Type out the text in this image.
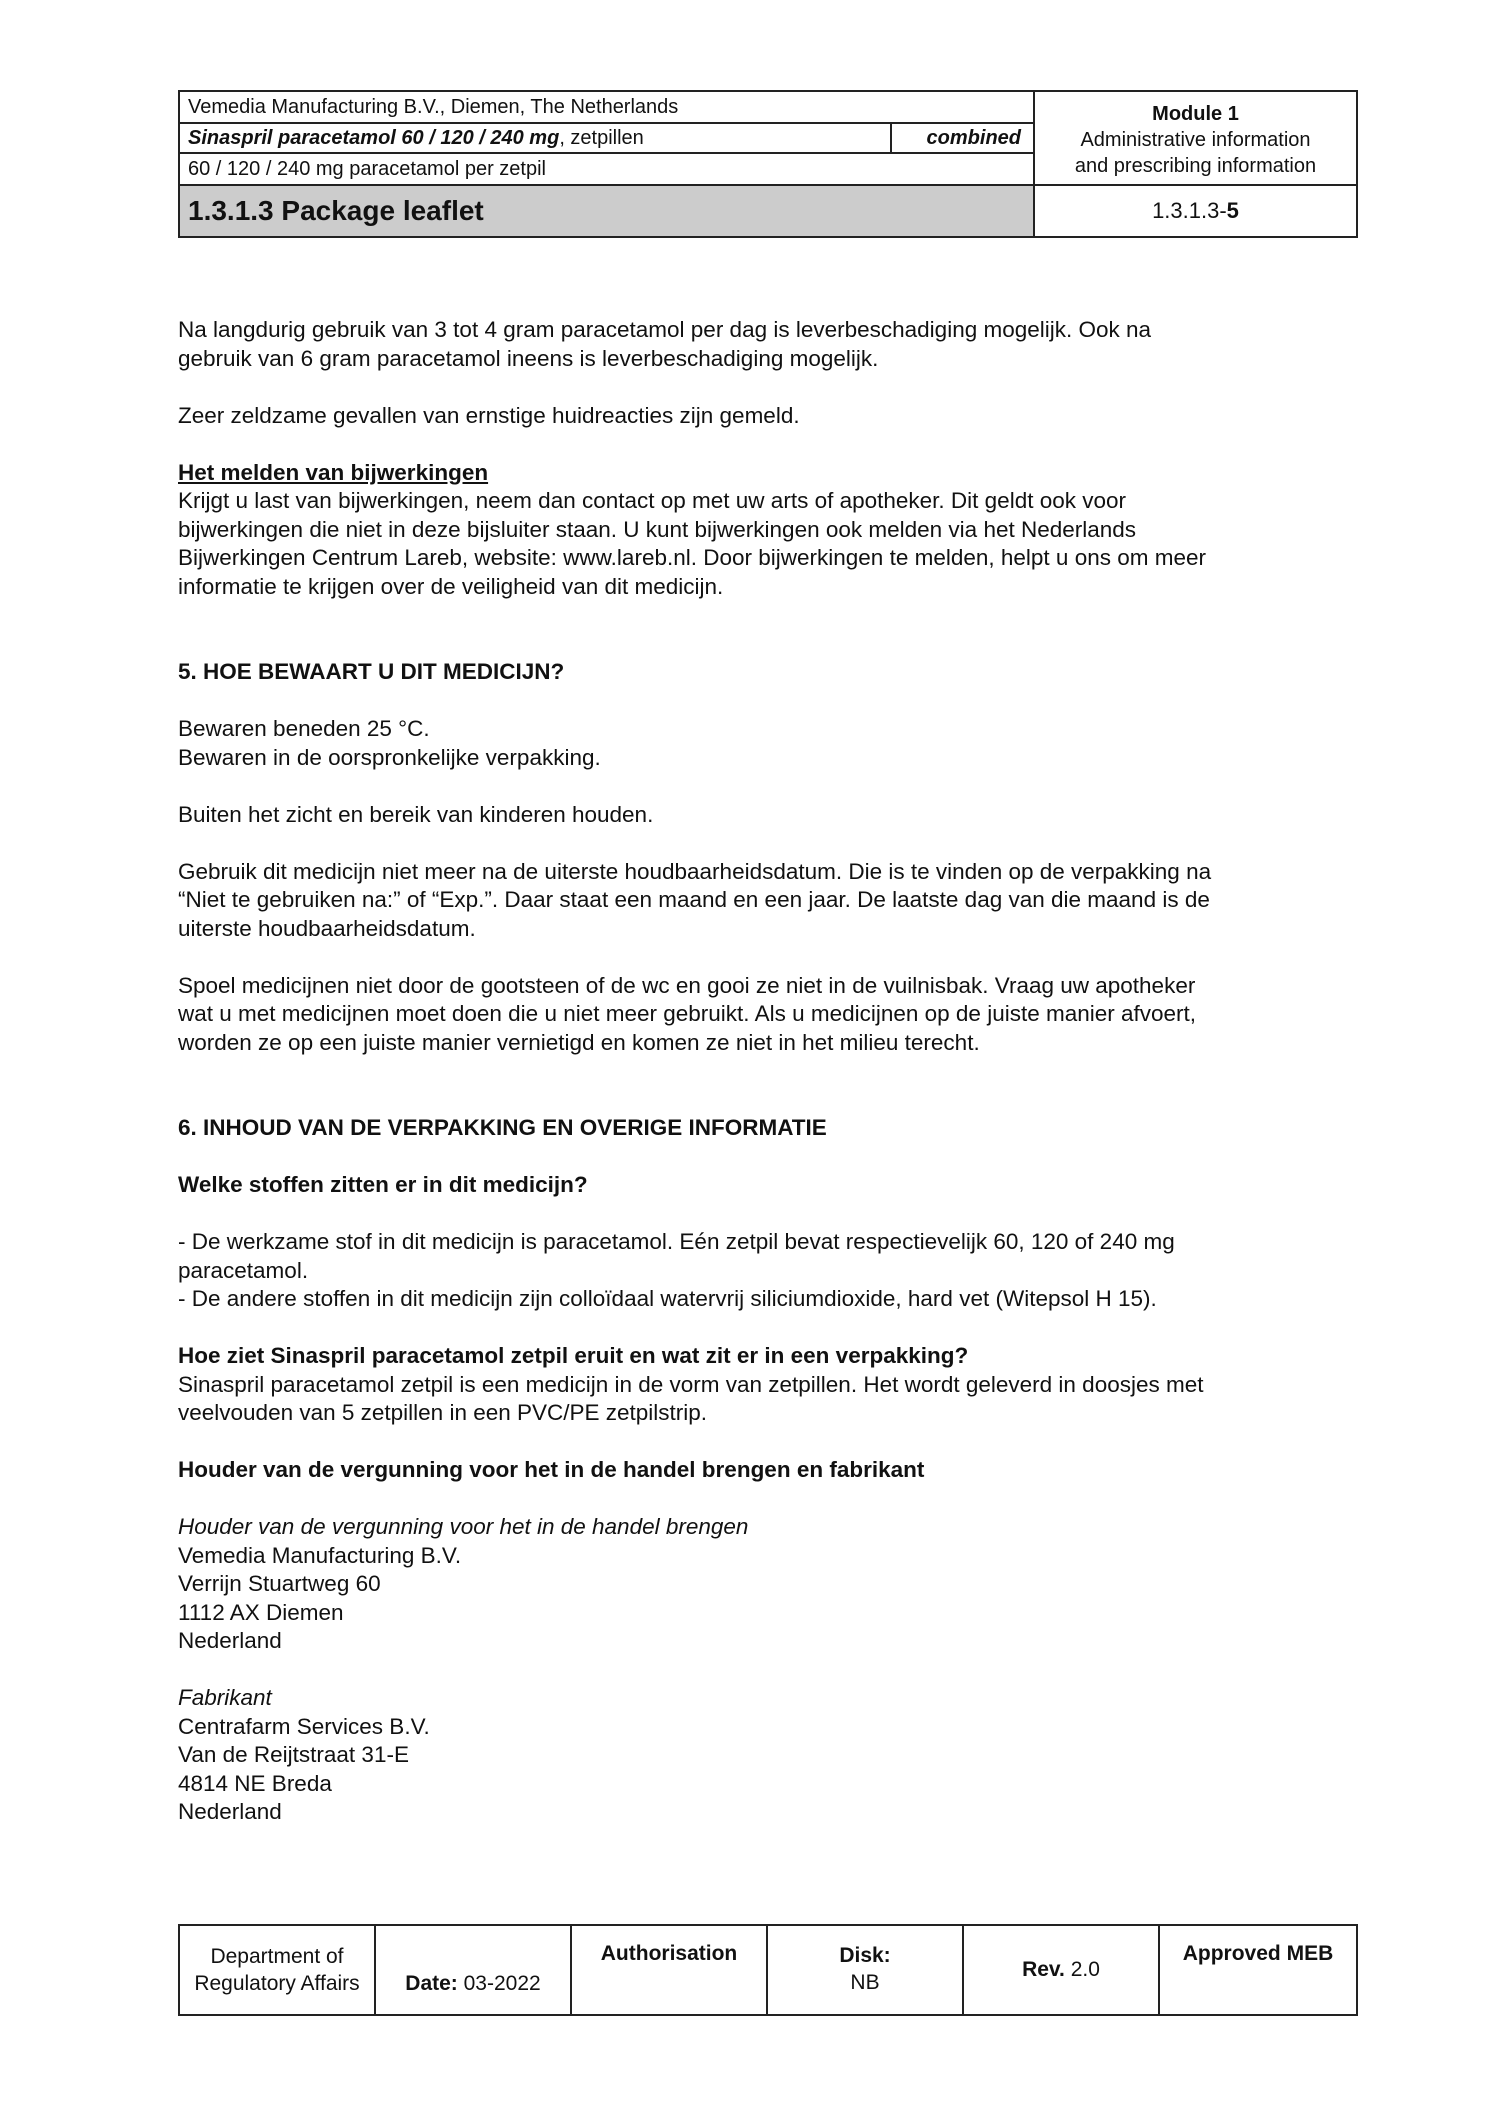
Vemedia Manufacturing B.V., Diemen, The Netherlands
Sinaspril paracetamol 60 / 120 / 240 mg , zetpillen	combined
60 / 120 / 240 mg paracetamol per zetpil
1.3.1.3 Package leaflet
Module 1
Administrative information
and prescribing information
1.3.1.3- 5

Na langdurig gebruik van 3 tot 4 gram paracetamol per dag is leverbeschadiging mogelijk. Ook na

gebruik van 6 gram paracetamol ineens is leverbeschadiging mogelijk.

Zeer zeldzame gevallen van ernstige huidreacties zijn gemeld.

Het melden van bijwerkingen

Krijgt u last van bijwerkingen, neem dan contact op met uw arts of apotheker. Dit geldt ook voor

bijwerkingen die niet in deze bijsluiter staan. U kunt bijwerkingen ook melden via het Nederlands

Bijwerkingen Centrum Lareb, website: www.lareb.nl. Door bijwerkingen te melden, helpt u ons om meer

informatie te krijgen over de veiligheid van dit medicijn.

5. HOE BEWAART U DIT MEDICIJN?

Bewaren beneden 25 °C.

Bewaren in de oorspronkelijke verpakking.

Buiten het zicht en bereik van kinderen houden.

Gebruik dit medicijn niet meer na de uiterste houdbaarheidsdatum. Die is te vinden op de verpakking na

“Niet te gebruiken na:” of “Exp.”. Daar staat een maand en een jaar. De laatste dag van die maand is de

uiterste houdbaarheidsdatum.

Spoel medicijnen niet door de gootsteen of de wc en gooi ze niet in de vuilnisbak. Vraag uw apotheker

wat u met medicijnen moet doen die u niet meer gebruikt. Als u medicijnen op de juiste manier afvoert,

worden ze op een juiste manier vernietigd en komen ze niet in het milieu terecht.

6. INHOUD VAN DE VERPAKKING EN OVERIGE INFORMATIE

Welke stoffen zitten er in dit medicijn?

- De werkzame stof in dit medicijn is paracetamol. Eén zetpil bevat respectievelijk 60, 120 of 240 mg

paracetamol.

- De andere stoffen in dit medicijn zijn colloïdaal watervrij siliciumdioxide, hard vet (Witepsol H 15).

Hoe ziet Sinaspril paracetamol zetpil eruit en wat zit er in een verpakking?

Sinaspril paracetamol zetpil is een medicijn in de vorm van zetpillen. Het wordt geleverd in doosjes met

veelvouden van 5 zetpillen in een PVC/PE zetpilstrip.

Houder van de vergunning voor het in de handel brengen en fabrikant

Houder van de vergunning voor het in de handel brengen

Vemedia Manufacturing B.V.

Verrijn Stuartweg 60

1112 AX Diemen

Nederland

Fabrikant

Centrafarm Services B.V.

Van de Reijtstraat 31-E

4814 NE Breda

Nederland

Department of
Regulatory Affairs Date: 03-2022
Authorisation	Disk:
NB
Rev. 2.0
Approved MEB
